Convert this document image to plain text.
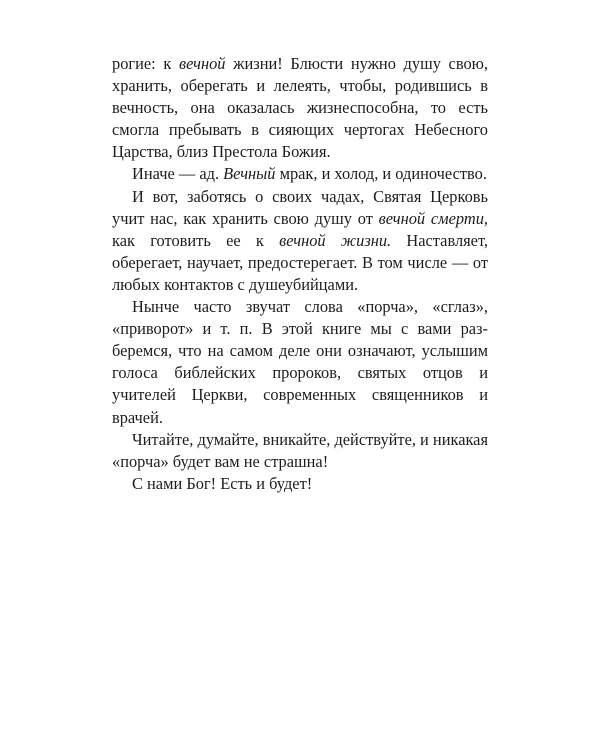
рогие: к вечной жизни! Блюсти нужно душу свою, хранить, оберегать и лелеять, чтобы, родившись в вечность, она оказалась жизнеспособна, то есть смогла пребывать в сияющих чертогах Небесного Царства, близ Престола Божия.

Иначе — ад. Вечный мрак, и холод, и одиночество.

И вот, заботясь о своих чадах, Святая Церковь учит нас, как хранить свою душу от вечной смерти, как готовить ее к вечной жизни. Наставляет, оберегает, научает, предостерегает. В том числе — от любых контактов с душеубийцами.

Нынче часто звучат слова «порча», «сглаз», «приворот» и т. п. В этой книге мы с вами разберемся, что на самом деле они означают, услышим голоса библейских пророков, святых отцов и учителей Церкви, современных священников и врачей.

Читайте, думайте, вникайте, действуйте, и никакая «порча» будет вам не страшна!

С нами Бог! Есть и будет!
